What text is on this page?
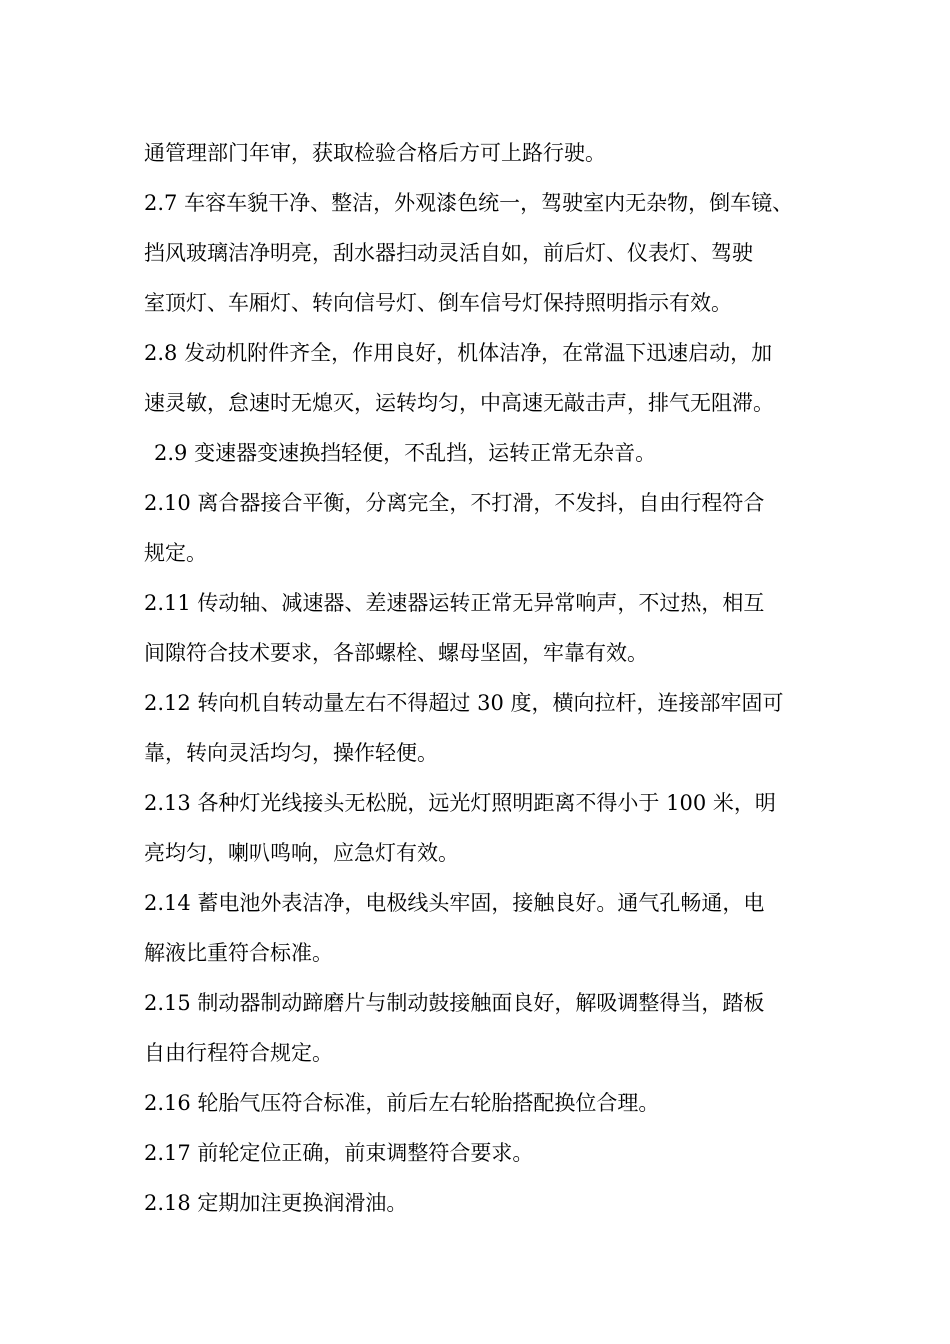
通管理部门年审，获取检验合格后方可上路行驶。

2.7 车容车貌干净、整洁，外观漆色统一，驾驶室内无杂物，倒车镜、

挡风玻璃洁净明亮，刮水器扫动灵活自如，前后灯、仪表灯、驾驶

室顶灯、车厢灯、转向信号灯、倒车信号灯保持照明指示有效。

2.8 发动机附件齐全，作用良好，机体洁净，在常温下迅速启动，加

速灵敏，怠速时无熄灭，运转均匀，中高速无敲击声，排气无阻滞。

2.9 变速器变速换挡轻便，不乱挡，运转正常无杂音。

2.10 离合器接合平衡，分离完全，不打滑，不发抖，自由行程符合

规定。

2.11 传动轴、减速器、差速器运转正常无异常响声，不过热，相互

间隙符合技术要求，各部螺栓、螺母坚固，牢靠有效。

2.12 转向机自转动量左右不得超过 30 度，横向拉杆，连接部牢固可

靠，转向灵活均匀，操作轻便。

2.13 各种灯光线接头无松脱，远光灯照明距离不得小于 100 米，明

亮均匀，喇叭鸣响，应急灯有效。

2.14 蓄电池外表洁净，电极线头牢固，接触良好。通气孔畅通，电

解液比重符合标准。

2.15 制动器制动蹄磨片与制动鼓接触面良好，解吸调整得当，踏板

自由行程符合规定。

2.16 轮胎气压符合标准，前后左右轮胎搭配换位合理。

2.17 前轮定位正确，前束调整符合要求。

2.18 定期加注更换润滑油。
